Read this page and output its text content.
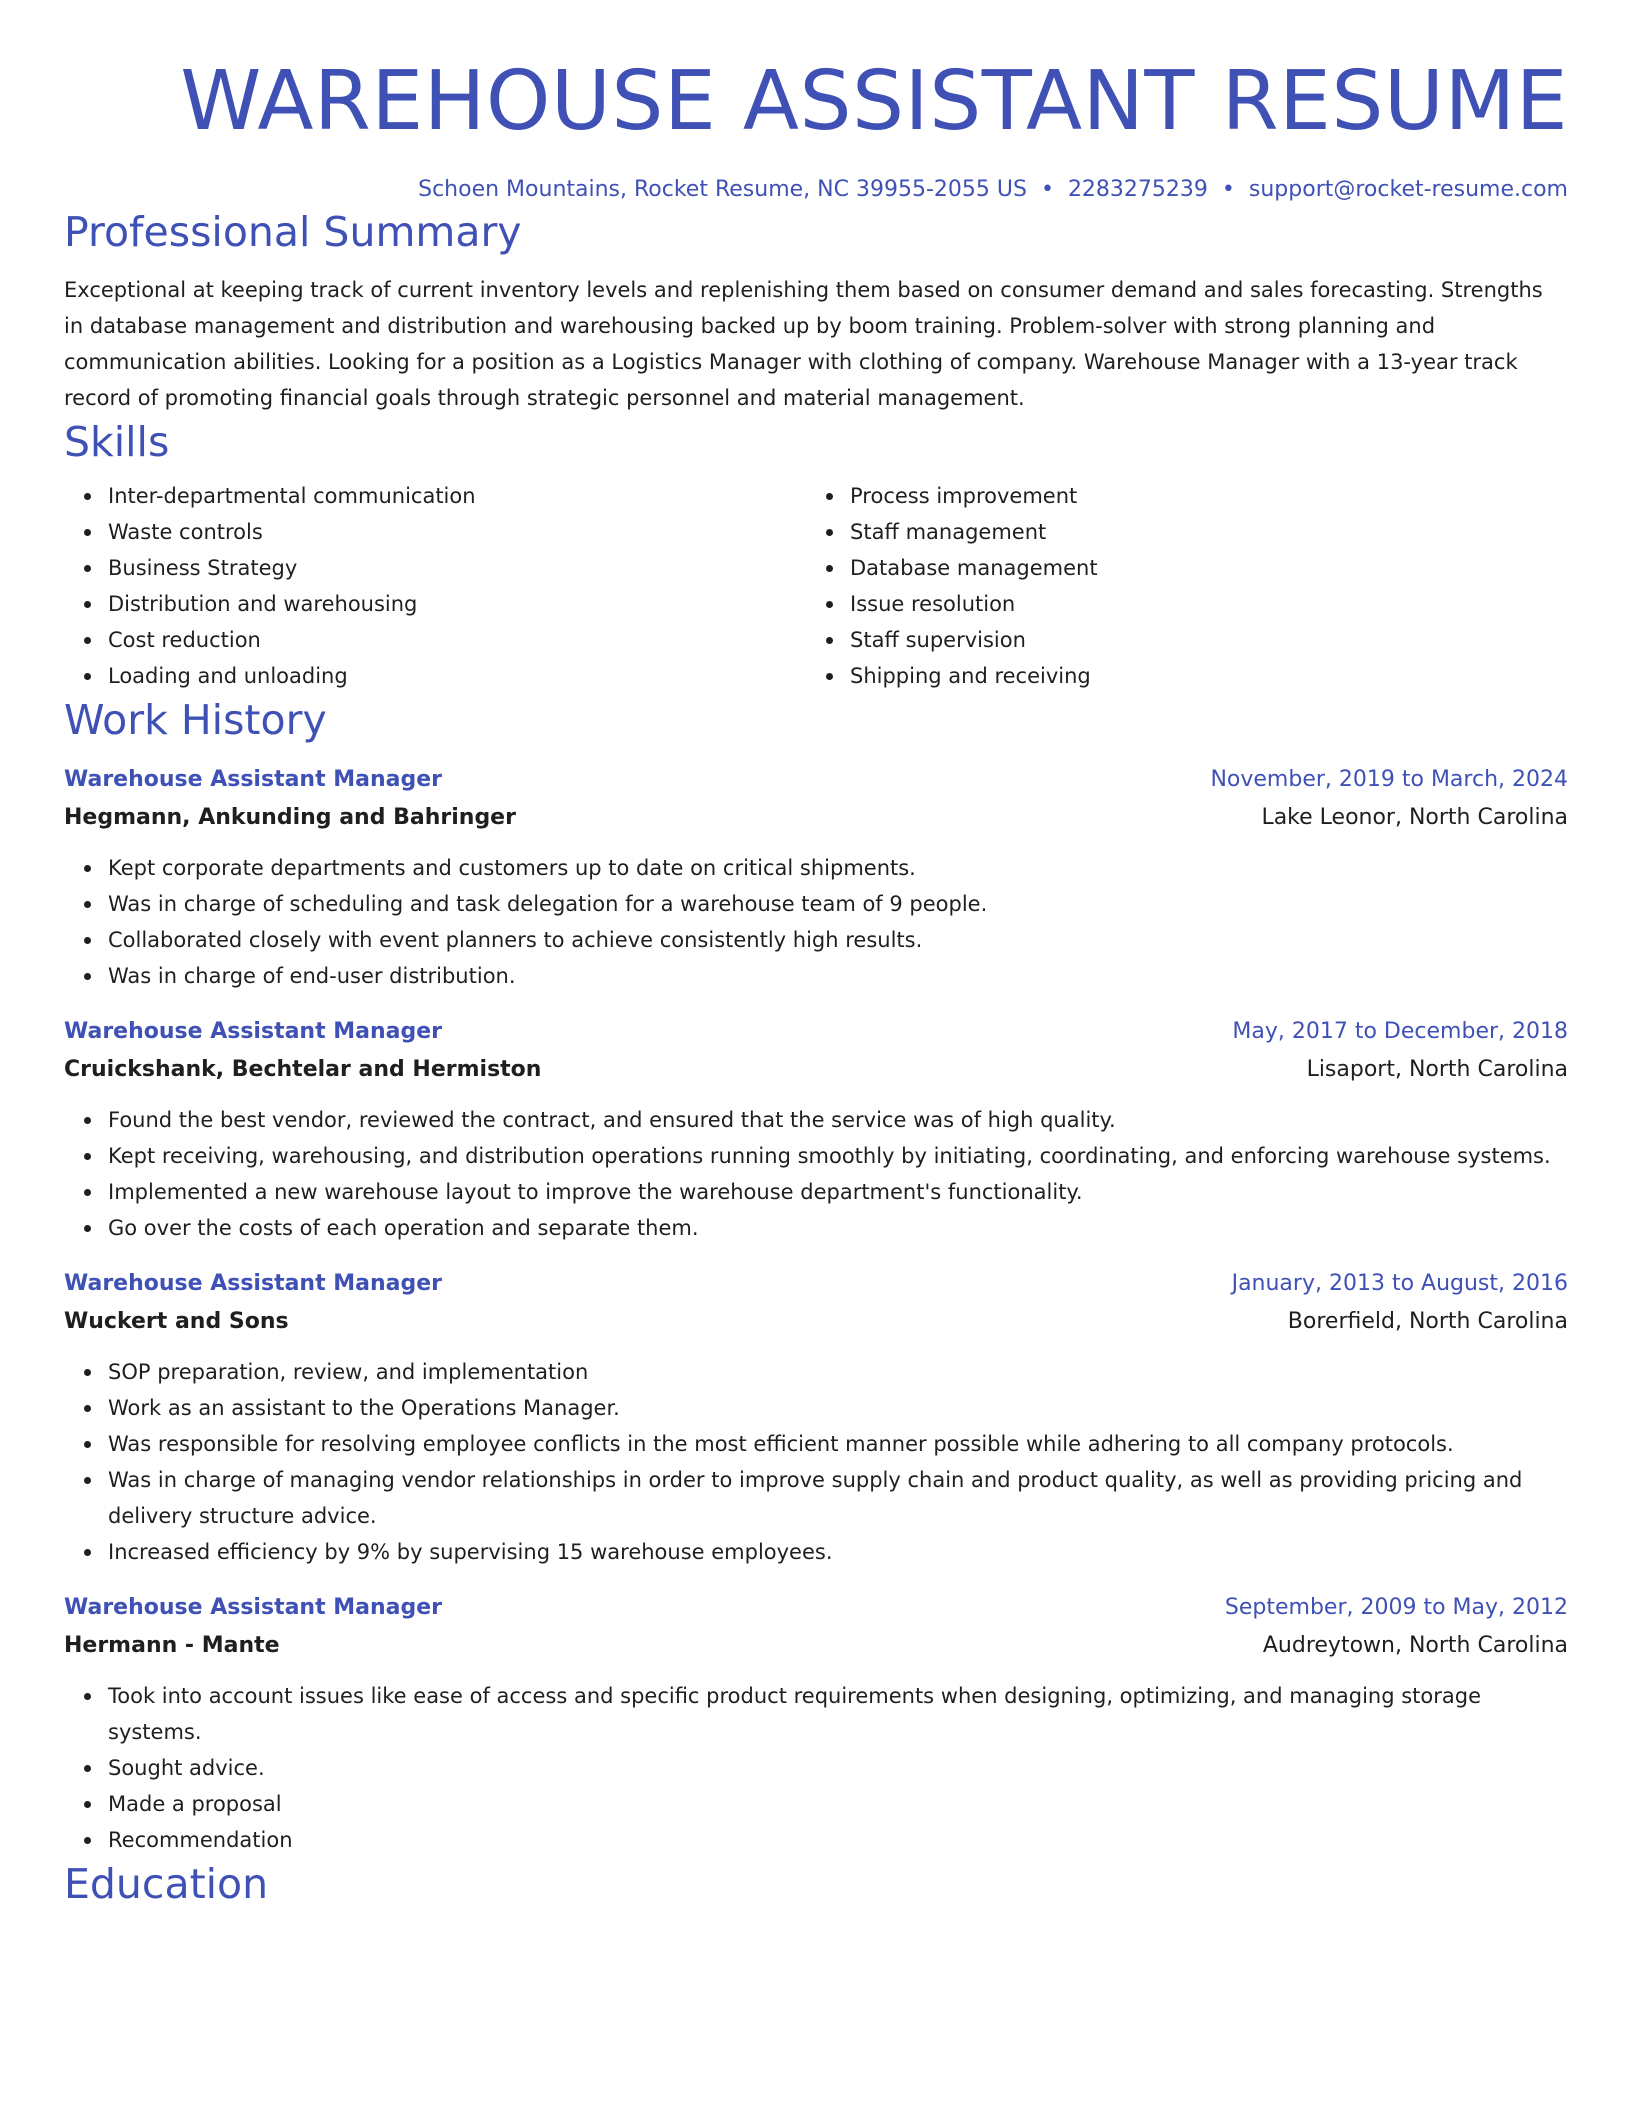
WAREHOUSE ASSISTANT RESUME
Schoen Mountains, Rocket Resume, NC 39955-2055 US • 2283275239 • support@rocket-resume.com
Professional Summary

Exceptional at keeping track of current inventory levels and replenishing them based on consumer demand and sales forecasting. Strengths in database management and distribution and warehousing backed up by boom training. Problem-solver with strong planning and communication abilities. Looking for a position as a Logistics Manager with clothing of company. Warehouse Manager with a 13-year track record of promoting financial goals through strategic personnel and material management.

Skills
Inter-departmental communication
Waste controls
Business Strategy
Distribution and warehousing
Cost reduction
Loading and unloading
Process improvement
Staff management
Database management
Issue resolution
Staff supervision
Shipping and receiving
Work History
Warehouse Assistant Manager	November, 2019 to March, 2024
Hegmann, Ankunding and Bahringer	Lake Leonor, North Carolina
Kept corporate departments and customers up to date on critical shipments.
Was in charge of scheduling and task delegation for a warehouse team of 9 people.
Collaborated closely with event planners to achieve consistently high results.
Was in charge of end-user distribution.
Warehouse Assistant Manager	May, 2017 to December, 2018
Cruickshank, Bechtelar and Hermiston	Lisaport, North Carolina
Found the best vendor, reviewed the contract, and ensured that the service was of high quality.
Kept receiving, warehousing, and distribution operations running smoothly by initiating, coordinating, and enforcing warehouse systems.
Implemented a new warehouse layout to improve the warehouse department's functionality.
Go over the costs of each operation and separate them.
Warehouse Assistant Manager	January, 2013 to August, 2016
Wuckert and Sons	Borerfield, North Carolina
SOP preparation, review, and implementation
Work as an assistant to the Operations Manager.
Was responsible for resolving employee conflicts in the most efficient manner possible while adhering to all company protocols.
Was in charge of managing vendor relationships in order to improve supply chain and product quality, as well as providing pricing and delivery structure advice.
Increased efficiency by 9% by supervising 15 warehouse employees.
Warehouse Assistant Manager	September, 2009 to May, 2012
Hermann - Mante	Audreytown, North Carolina
Took into account issues like ease of access and specific product requirements when designing, optimizing, and managing storage systems.
Sought advice.
Made a proposal
Recommendation
Education
